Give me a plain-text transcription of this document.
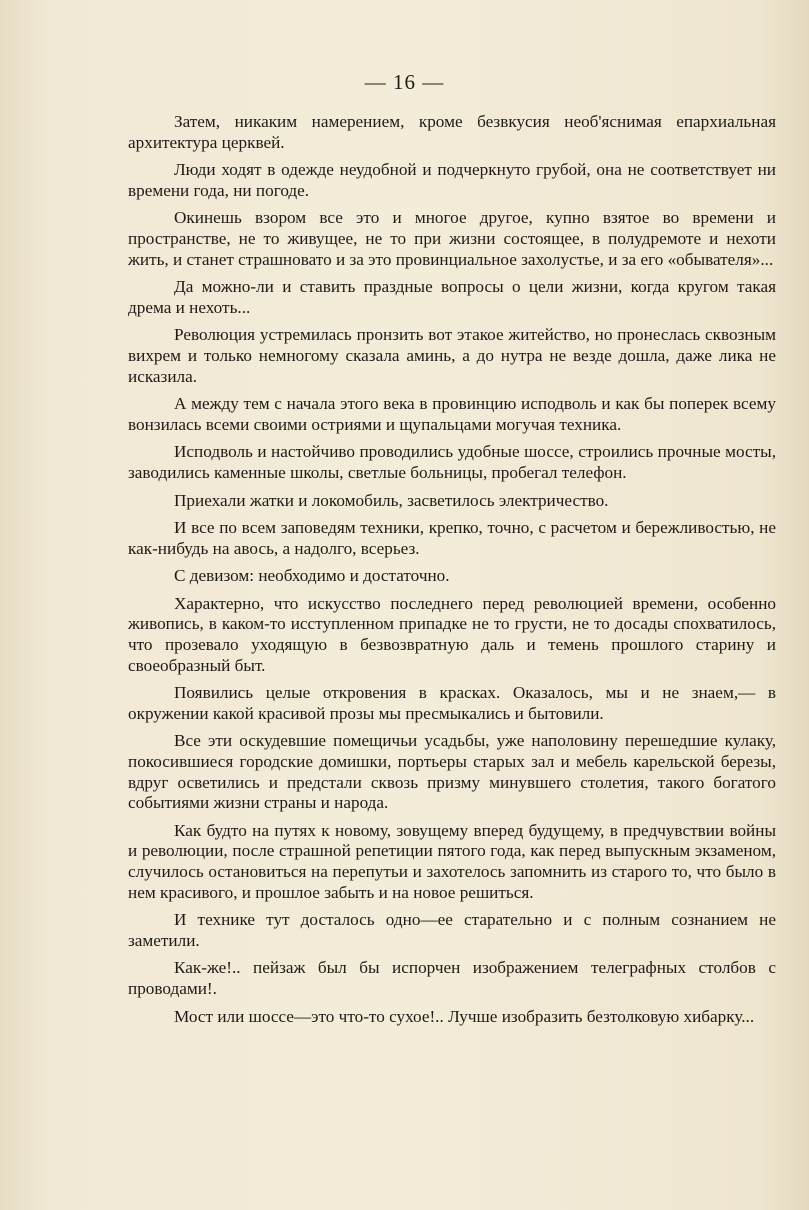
— 16 —

Затем, никаким намерением, кроме безвкусия необ'яснимая епархиальная архитектура церквей.

Люди ходят в одежде неудобной и подчеркнуто грубой, она не соответствует ни времени года, ни погоде.

Окинешь взором все это и многое другое, купно взятое во времени и пространстве, не то живущее, не то при жизни состоящее, в полудремоте и нехоти жить, и станет страшновато и за это провинциальное захолустье, и за его «обывателя»...

Да можно-ли и ставить праздные вопросы о цели жизни, когда кругом такая дрема и нехоть...

Революция устремилась пронзить вот этакое житейство, но пронеслась сквозным вихрем и только немногому сказала аминь, а до нутра не везде дошла, даже лика не исказила.

А между тем с начала этого века в провинцию исподволь и как бы поперек всему вонзилась всеми своими остриями и щупальцами могучая техника.

Исподволь и настойчиво проводились удобные шоссе, строились прочные мосты, заводились каменные школы, светлые больницы, пробегал телефон.

Приехали жатки и локомобиль, засветилось электричество.

И все по всем заповедям техники, крепко, точно, с расчетом и бережливостью, не как-нибудь на авось, а надолго, всерьез.

С девизом: необходимо и достаточно.

Характерно, что искусство последнего перед революцией времени, особенно живопись, в каком-то исступленном припадке не то грусти, не то досады спохватилось, что прозевало уходящую в безвозвратную даль и темень прошлого старину и своеобразный быт.

Появились целые откровения в красках. Оказалось, мы и не знаем,— в окружении какой красивой прозы мы пресмыкались и бытовили.

Все эти оскудевшие помещичьи усадьбы, уже наполовину перешедшие кулаку, покосившиеся городские домишки, портьеры старых зал и мебель карельской березы, вдруг осветились и предстали сквозь призму минувшего столетия, такого богатого событиями жизни страны и народа.

Как будто на путях к новому, зовущему вперед будущему, в предчувствии войны и революции, после страшной репетиции пятого года, как перед выпускным экзаменом, случилось остановиться на перепутьи и захотелось запомнить из старого то, что было в нем красивого, и прошлое забыть и на новое решиться.

И технике тут досталось одно—ее старательно и с полным сознанием не заметили.

Как-же!.. пейзаж был бы испорчен изображением телеграфных столбов с проводами!.

Мост или шоссе—это что-то сухое!.. Лучше изобразить безтолковую хибарку...
